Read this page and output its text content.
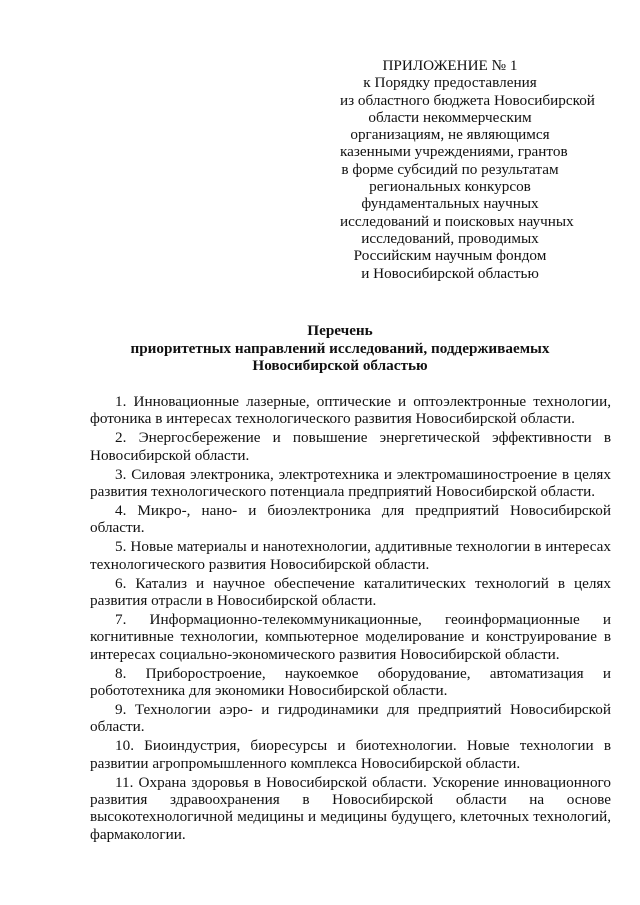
ПРИЛОЖЕНИЕ № 1
к Порядку предоставления
из областного бюджета Новосибирской
области некоммерческим
организациям, не являющимся
казенными учреждениями, грантов
в форме субсидий по результатам
региональных конкурсов
фундаментальных научных
исследований и поисковых научных
исследований, проводимых
Российским научным фондом
и Новосибирской областью
Перечень
приоритетных направлений исследований, поддерживаемых
Новосибирской областью

1. Инновационные лазерные, оптические и оптоэлектронные технологии, фотоника в интересах технологического развития Новосибирской области.

2. Энергосбережение и повышение энергетической эффективности в Новосибирской области.

3. Силовая электроника, электротехника и электромашиностроение в целях развития технологического потенциала предприятий Новосибирской области.

4. Микро-, нано- и биоэлектроника для предприятий Новосибирской области.

5. Новые материалы и нанотехнологии, аддитивные технологии в интересах технологического развития Новосибирской области.

6. Катализ и научное обеспечение каталитических технологий в целях развития отрасли в Новосибирской области.

7. Информационно-телекоммуникационные, геоинформационные и когнитивные технологии, компьютерное моделирование и конструирование в интересах социально-экономического развития Новосибирской области.

8. Приборостроение, наукоемкое оборудование, автоматизация и робототехника для экономики Новосибирской области.

9. Технологии аэро- и гидродинамики для предприятий Новосибирской области.

10. Биоиндустрия, биоресурсы и биотехнологии. Новые технологии в развитии агропромышленного комплекса Новосибирской области.

11. Охрана здоровья в Новосибирской области. Ускорение инновационного развития здравоохранения в Новосибирской области на основе высокотехнологичной медицины и медицины будущего, клеточных технологий, фармакологии.
